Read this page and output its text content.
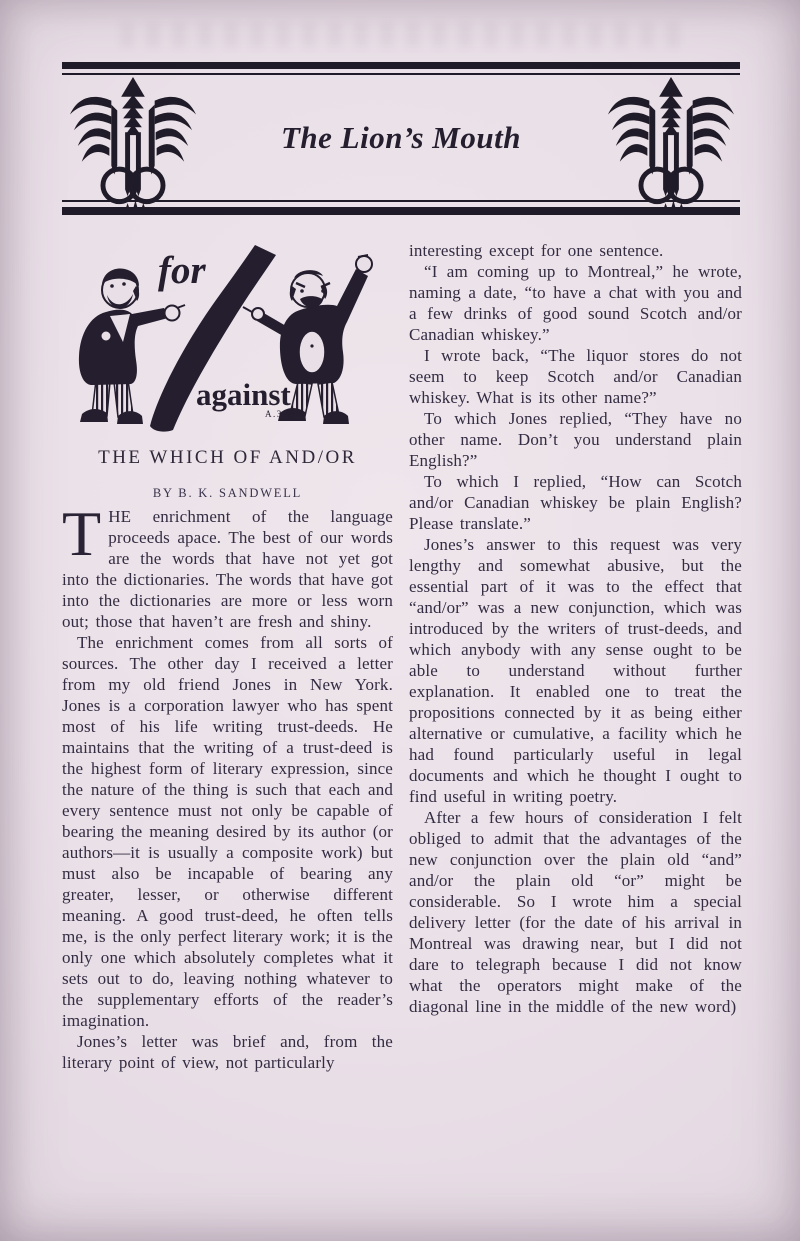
The Lion’s Mouth
for
against
A.3.W
THE WHICH OF AND/OR
BY B. K. SANDWELL

THE enrichment of the language proceeds apace. The best of our words are the words that have not yet got into the dictionaries. The words that have got into the dictionaries are more or less worn out; those that haven’t are fresh and shiny.

The enrichment comes from all sorts of sources. The other day I received a letter from my old friend Jones in New York. Jones is a corporation lawyer who has spent most of his life writing trust-deeds. He maintains that the writing of a trust-deed is the highest form of literary expression, since the nature of the thing is such that each and every sentence must not only be capable of bearing the meaning desired by its author (or authors—it is usually a composite work) but must also be incapable of bearing any greater, lesser, or otherwise different meaning. A good trust-deed, he often tells me, is the only perfect literary work; it is the only one which absolutely completes what it sets out to do, leaving nothing whatever to the supplementary efforts of the reader’s imagination.

Jones’s letter was brief and, from the literary point of view, not particularly

interesting except for one sentence.

“I am coming up to Montreal,” he wrote, naming a date, “to have a chat with you and a few drinks of good sound Scotch and/or Canadian whiskey.”

I wrote back, “The liquor stores do not seem to keep Scotch and/or Canadian whiskey. What is its other name?”

To which Jones replied, “They have no other name. Don’t you understand plain English?”

To which I replied, “How can Scotch and/or Canadian whiskey be plain English? Please translate.”

Jones’s answer to this request was very lengthy and somewhat abusive, but the essential part of it was to the effect that “and/or” was a new conjunction, which was introduced by the writers of trust-deeds, and which anybody with any sense ought to be able to understand without further explanation. It enabled one to treat the propositions connected by it as being either alternative or cumulative, a facility which he had found particularly useful in legal documents and which he thought I ought to find useful in writing poetry.

After a few hours of consideration I felt obliged to admit that the advantages of the new conjunction over the plain old “and” and/or the plain old “or” might be considerable. So I wrote him a special delivery letter (for the date of his arrival in Montreal was drawing near, but I did not dare to telegraph because I did not know what the operators might make of the diagonal line in the middle of the new word)
